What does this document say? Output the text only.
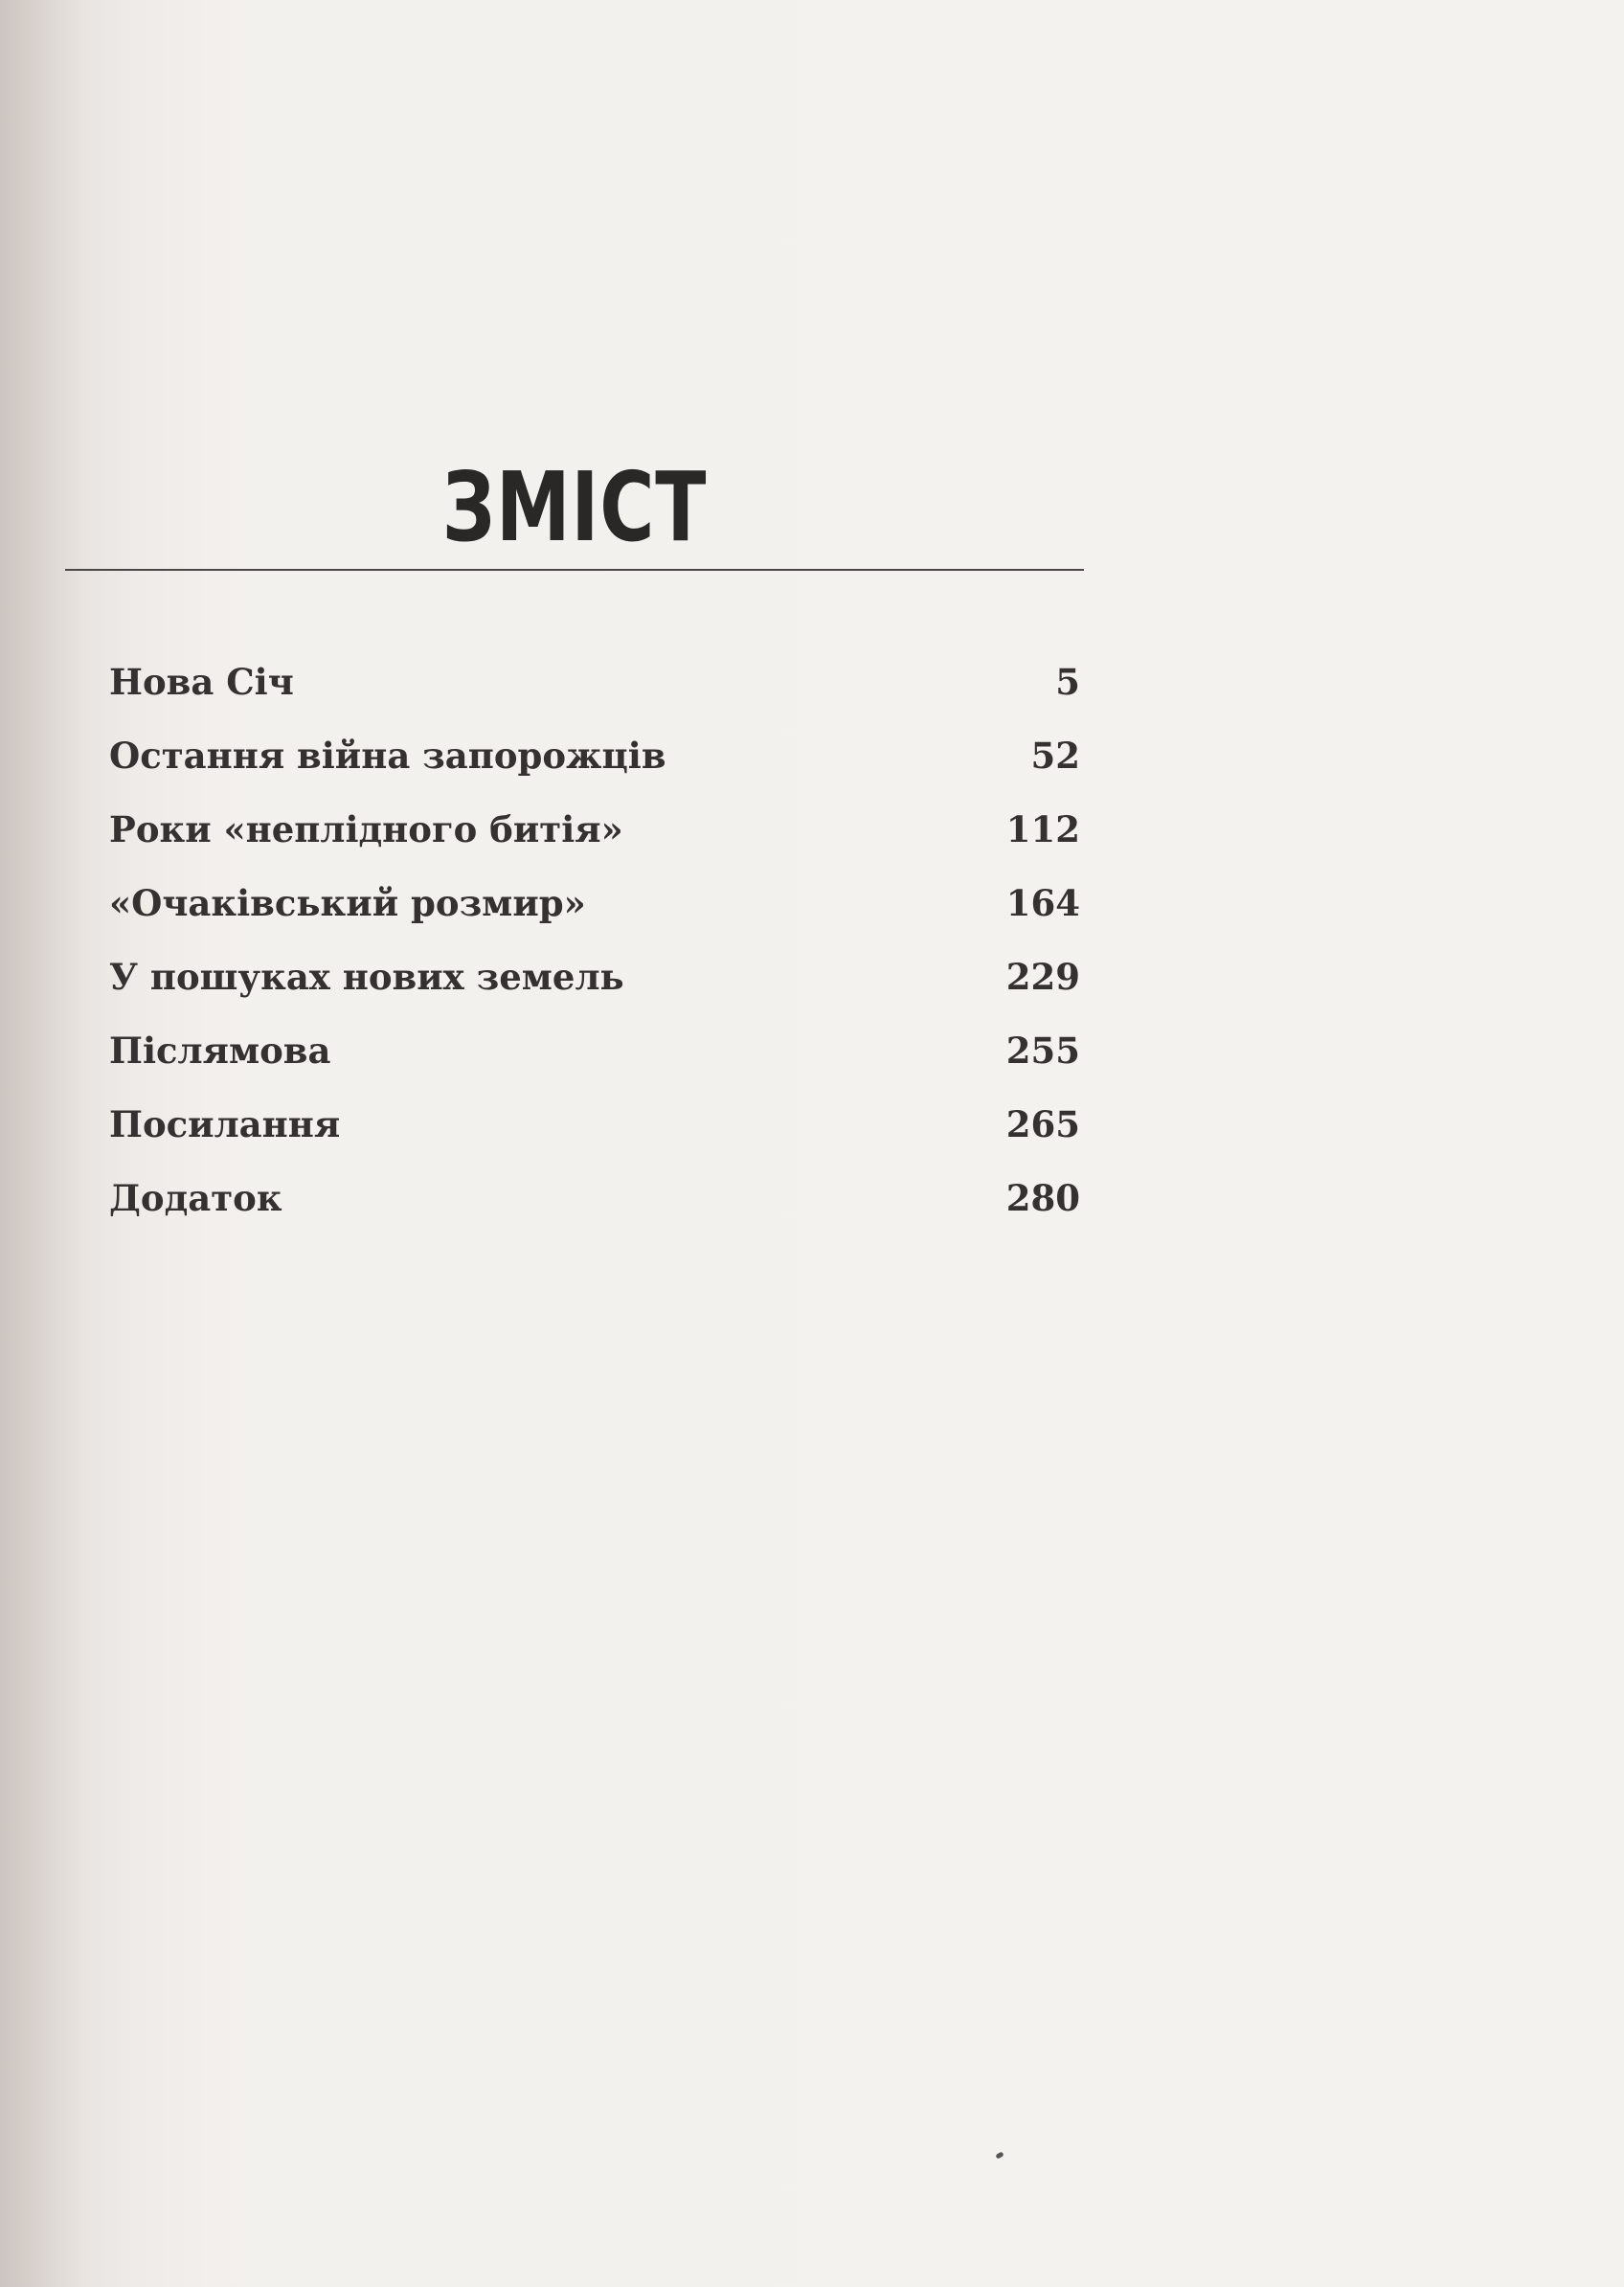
ЗМІСТ
Нова Січ	5
Остання війна запорожців	52
Роки «неплідного битія»	112
«Очаківський розмир»	164
У пошуках нових земель	229
Післямова	255
Посилання	265
Додаток	280
